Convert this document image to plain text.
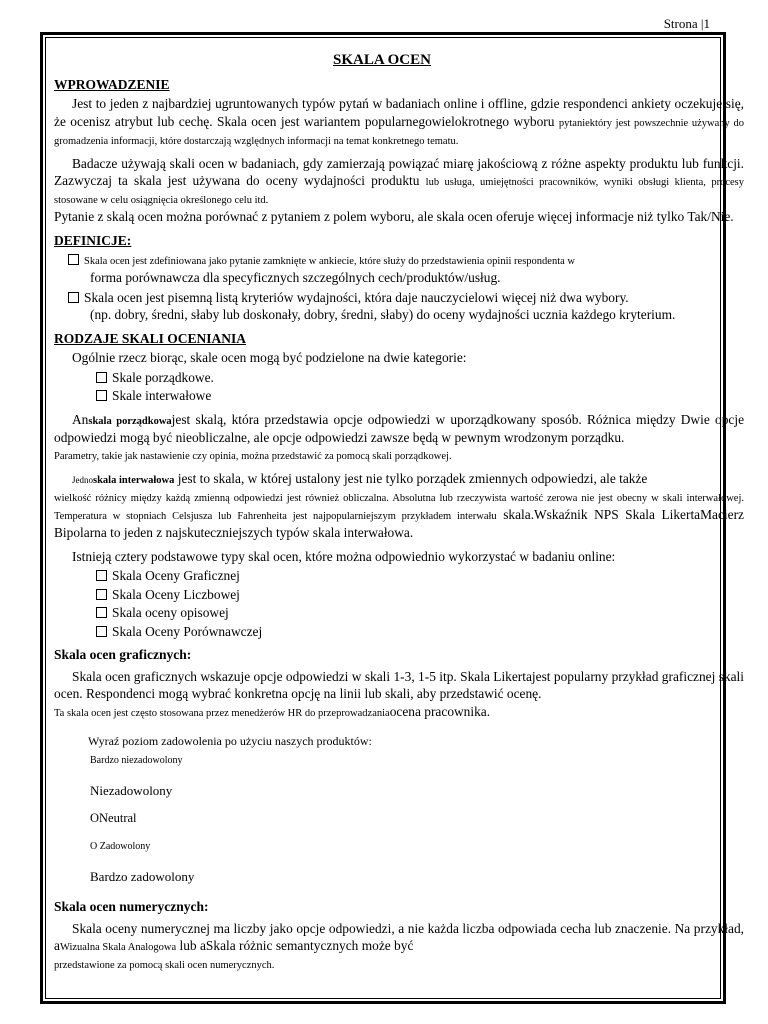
Strona |1
SKALA OCEN
WPROWADZENIE

Jest to jeden z najbardziej ugruntowanych typów pytań w badaniach online i offline, gdzie respondenci ankiety oczekuje się, że ocenisz atrybut lub cechę. Skala ocen jest wariantem popularnegowielokrotnego wyboru pytaniektóry jest powszechnie używany do gromadzenia informacji, które dostarczają względnych informacji na temat konkretnego tematu.

Badacze używają skali ocen w badaniach, gdy zamierzają powiązać miarę jakościową z różne aspekty produktu lub funkcji. Zazwyczaj ta skala jest używana do oceny wydajności produktu lub usługa, umiejętności pracowników, wyniki obsługi klienta, procesy stosowane w celu osiągnięcia określonego celu itd.

Pytanie z skalą ocen można porównać z pytaniem z polem wyboru, ale skala ocen oferuje więcej informacje niż tylko Tak/Nie.

DEFINICJE:
Skala ocen jest zdefiniowana jako pytanie zamknięte w ankiecie, które służy do przedstawienia opinii respondenta w
forma porównawcza dla specyficznych szczególnych cech/produktów/usług.
Skala ocen jest pisemną listą kryteriów wydajności, która daje nauczycielowi więcej niż dwa wybory.
(np. dobry, średni, słaby lub doskonały, dobry, średni, słaby) do oceny wydajności ucznia każdego kryterium.
RODZAJE SKALI OCENIANIA

Ogólnie rzecz biorąc, skale ocen mogą być podzielone na dwie kategorie:

Skale porządkowe.
Skale interwałowe

Anskala porządkowajest skalą, która przedstawia opcje odpowiedzi w uporządkowany sposób. Różnica między Dwie opcje odpowiedzi mogą być nieobliczalne, ale opcje odpowiedzi zawsze będą w pewnym wrodzonym porządku.
Parametry, takie jak nastawienie czy opinia, można przedstawić za pomocą skali porządkowej.

Jednoskala interwałowa jest to skala, w której ustalony jest nie tylko porządek zmiennych odpowiedzi, ale także
wielkość różnicy między każdą zmienną odpowiedzi jest również obliczalna. Absolutna lub rzeczywista wartość zerowa nie jest obecny w skali interwałowej. Temperatura w stopniach Celsjusza lub Fahrenheita jest najpopularniejszym przykładem interwału skala.Wskaźnik NPS Skala LikertaMacierz Bipolarna to jeden z najskuteczniejszych typów skala interwałowa.

Istnieją cztery podstawowe typy skal ocen, które można odpowiednio wykorzystać w badaniu online:

Skala Oceny Graficznej
Skala Oceny Liczbowej
Skala oceny opisowej
Skala Oceny Porównawczej
Skala ocen graficznych:

Skala ocen graficznych wskazuje opcje odpowiedzi w skali 1-3, 1-5 itp. Skala Likertajest popularny przykład graficznej skali ocen. Respondenci mogą wybrać konkretna opcję na linii lub skali, aby przedstawić ocenę.
Ta skala ocen jest często stosowana przez menedżerów HR do przeprowadzaniaocena pracownika.

Wyraź poziom zadowolenia po użyciu naszych produktów:
Bardzo niezadowolony
Niezadowolony
ONeutral
O Zadowolony
Bardzo zadowolony
Skala ocen numerycznych:

Skala oceny numerycznej ma liczby jako opcje odpowiedzi, a nie każda liczba odpowiada cecha lub znaczenie. Na przykład, aWizualna Skala Analogowa lub aSkala różnic semantycznych może być
przedstawione za pomocą skali ocen numerycznych.
